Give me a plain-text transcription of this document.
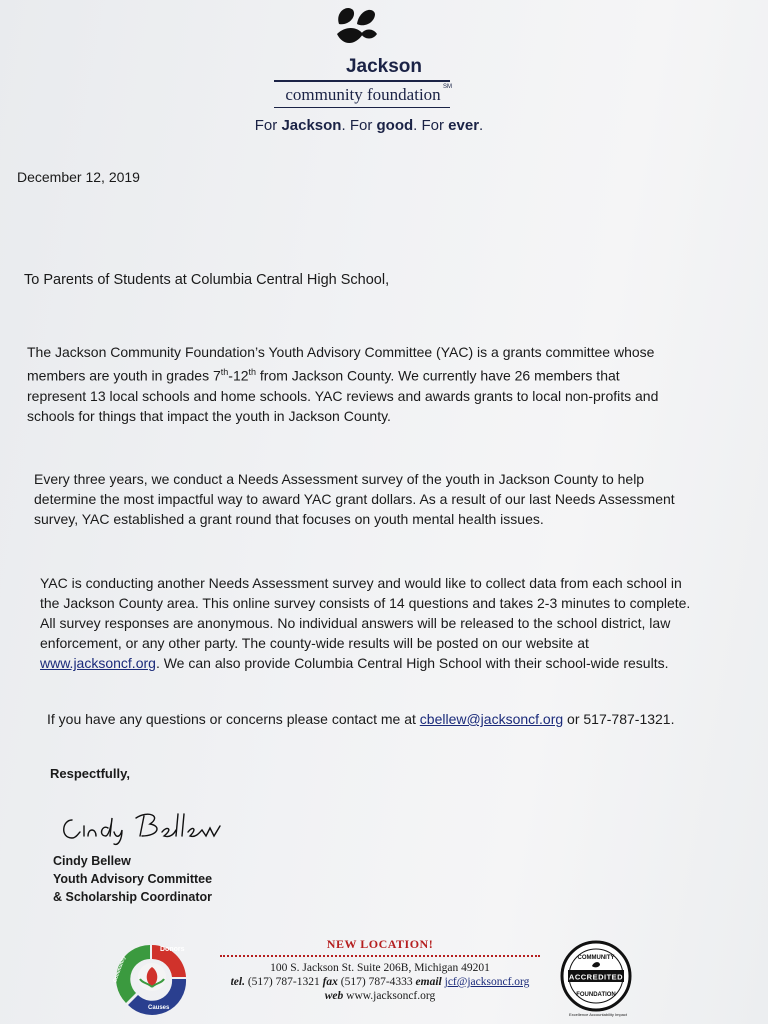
Jackson
community foundation SM
For Jackson. For good. For ever.
December 12, 2019
To Parents of Students at Columbia Central High School,
The Jackson Community Foundation’s Youth Advisory Committee (YAC) is a grants committee whose
members are youth in grades 7th-12th from Jackson County. We currently have 26 members that
represent 13 local schools and home schools. YAC reviews and awards grants to local non-profits and
schools for things that impact the youth in Jackson County.
Every three years, we conduct a Needs Assessment survey of the youth in Jackson County to help
determine the most impactful way to award YAC grant dollars. As a result of our last Needs Assessment
survey, YAC established a grant round that focuses on youth mental health issues.
YAC is conducting another Needs Assessment survey and would like to collect data from each school in
the Jackson County area. This online survey consists of 14 questions and takes 2-3 minutes to complete.
All survey responses are anonymous. No individual answers will be released to the school district, law
enforcement, or any other party. The county-wide results will be posted on our website at
www.jacksoncf.org. We can also provide Columbia Central High School with their school-wide results.
If you have any questions or concerns please contact me at cbellew@jacksoncf.org or 517-787-1321.
Respectfully,
Cindy Bellew
Youth Advisory Committee
& Scholarship Coordinator
Donors
Community
Causes
NEW LOCATION!
100 S. Jackson St. Suite 206B, Michigan 49201
tel. (517) 787-1321 fax (517) 787-4333 email jcf@jacksoncf.org
web www.jacksoncf.org
ACCREDITED
COMMUNITY
FOUNDATION
Excellence Accountability Impact
